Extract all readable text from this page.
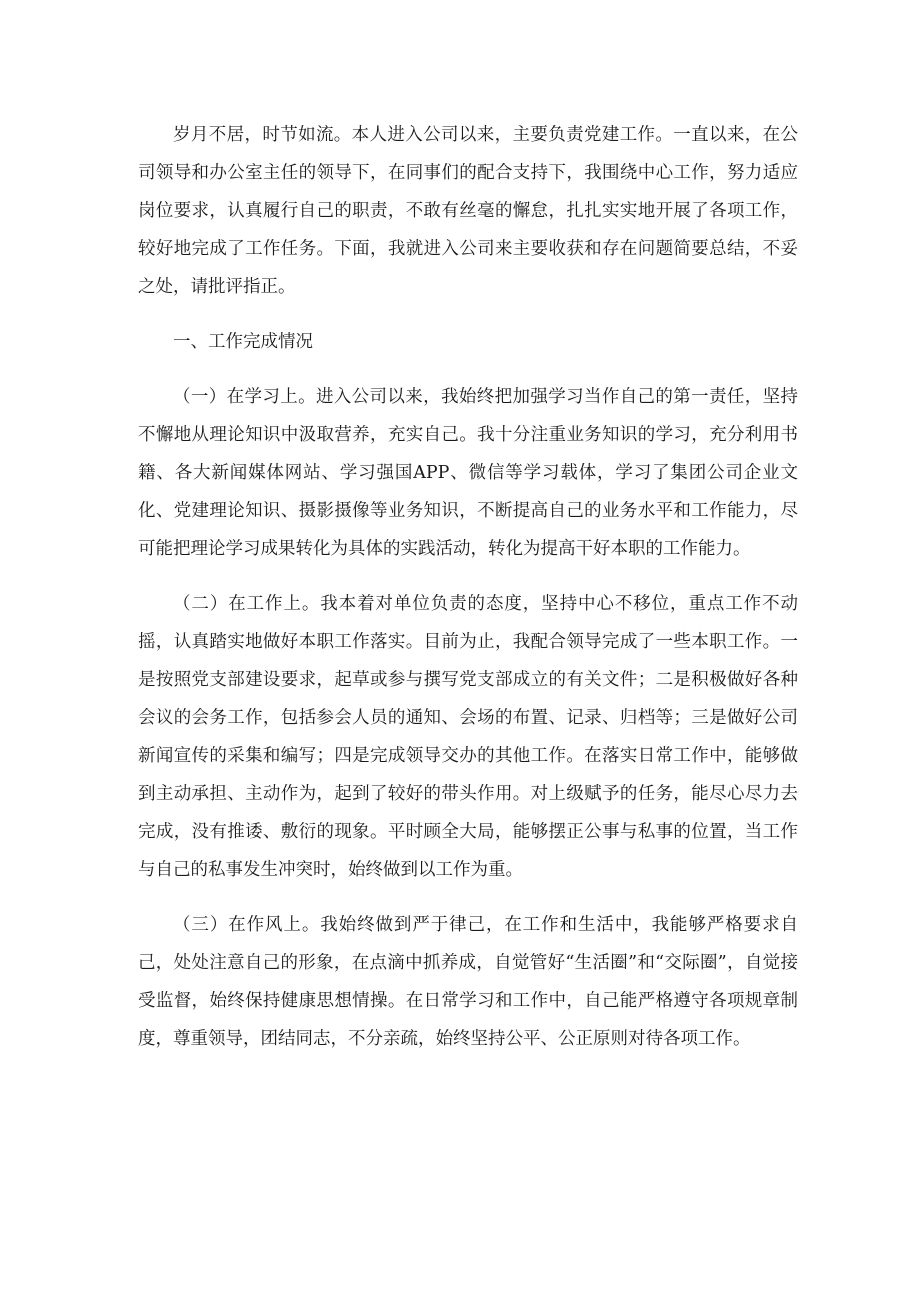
岁月不居，时节如流。本人进入公司以来，主要负责党建工作。一直以来，在公司领导和办公室主任的领导下，在同事们的配合支持下，我围绕中心工作，努力适应岗位要求，认真履行自己的职责，不敢有丝毫的懈怠，扎扎实实地开展了各项工作，较好地完成了工作任务。下面，我就进入公司来主要收获和存在问题简要总结，不妥之处，请批评指正。

一、工作完成情况

（一）在学习上。进入公司以来，我始终把加强学习当作自己的第一责任，坚持不懈地从理论知识中汲取营养，充实自己。我十分注重业务知识的学习，充分利用书籍、各大新闻媒体网站、学习强国APP、微信等学习载体，学习了集团公司企业文化、党建理论知识、摄影摄像等业务知识，不断提高自己的业务水平和工作能力，尽可能把理论学习成果转化为具体的实践活动，转化为提高干好本职的工作能力。

（二）在工作上。我本着对单位负责的态度，坚持中心不移位，重点工作不动摇，认真踏实地做好本职工作落实。目前为止，我配合领导完成了一些本职工作。一是按照党支部建设要求，起草或参与撰写党支部成立的有关文件；二是积极做好各种会议的会务工作，包括参会人员的通知、会场的布置、记录、归档等；三是做好公司新闻宣传的采集和编写；四是完成领导交办的其他工作。在落实日常工作中，能够做到主动承担、主动作为，起到了较好的带头作用。对上级赋予的任务，能尽心尽力去完成，没有推诿、敷衍的现象。平时顾全大局，能够摆正公事与私事的位置，当工作与自己的私事发生冲突时，始终做到以工作为重。

（三）在作风上。我始终做到严于律己，在工作和生活中，我能够严格要求自己，处处注意自己的形象，在点滴中抓养成，自觉管好“生活圈”和“交际圈”，自觉接受监督，始终保持健康思想情操。在日常学习和工作中，自己能严格遵守各项规章制度，尊重领导，团结同志，不分亲疏，始终坚持公平、公正原则对待各项工作。
